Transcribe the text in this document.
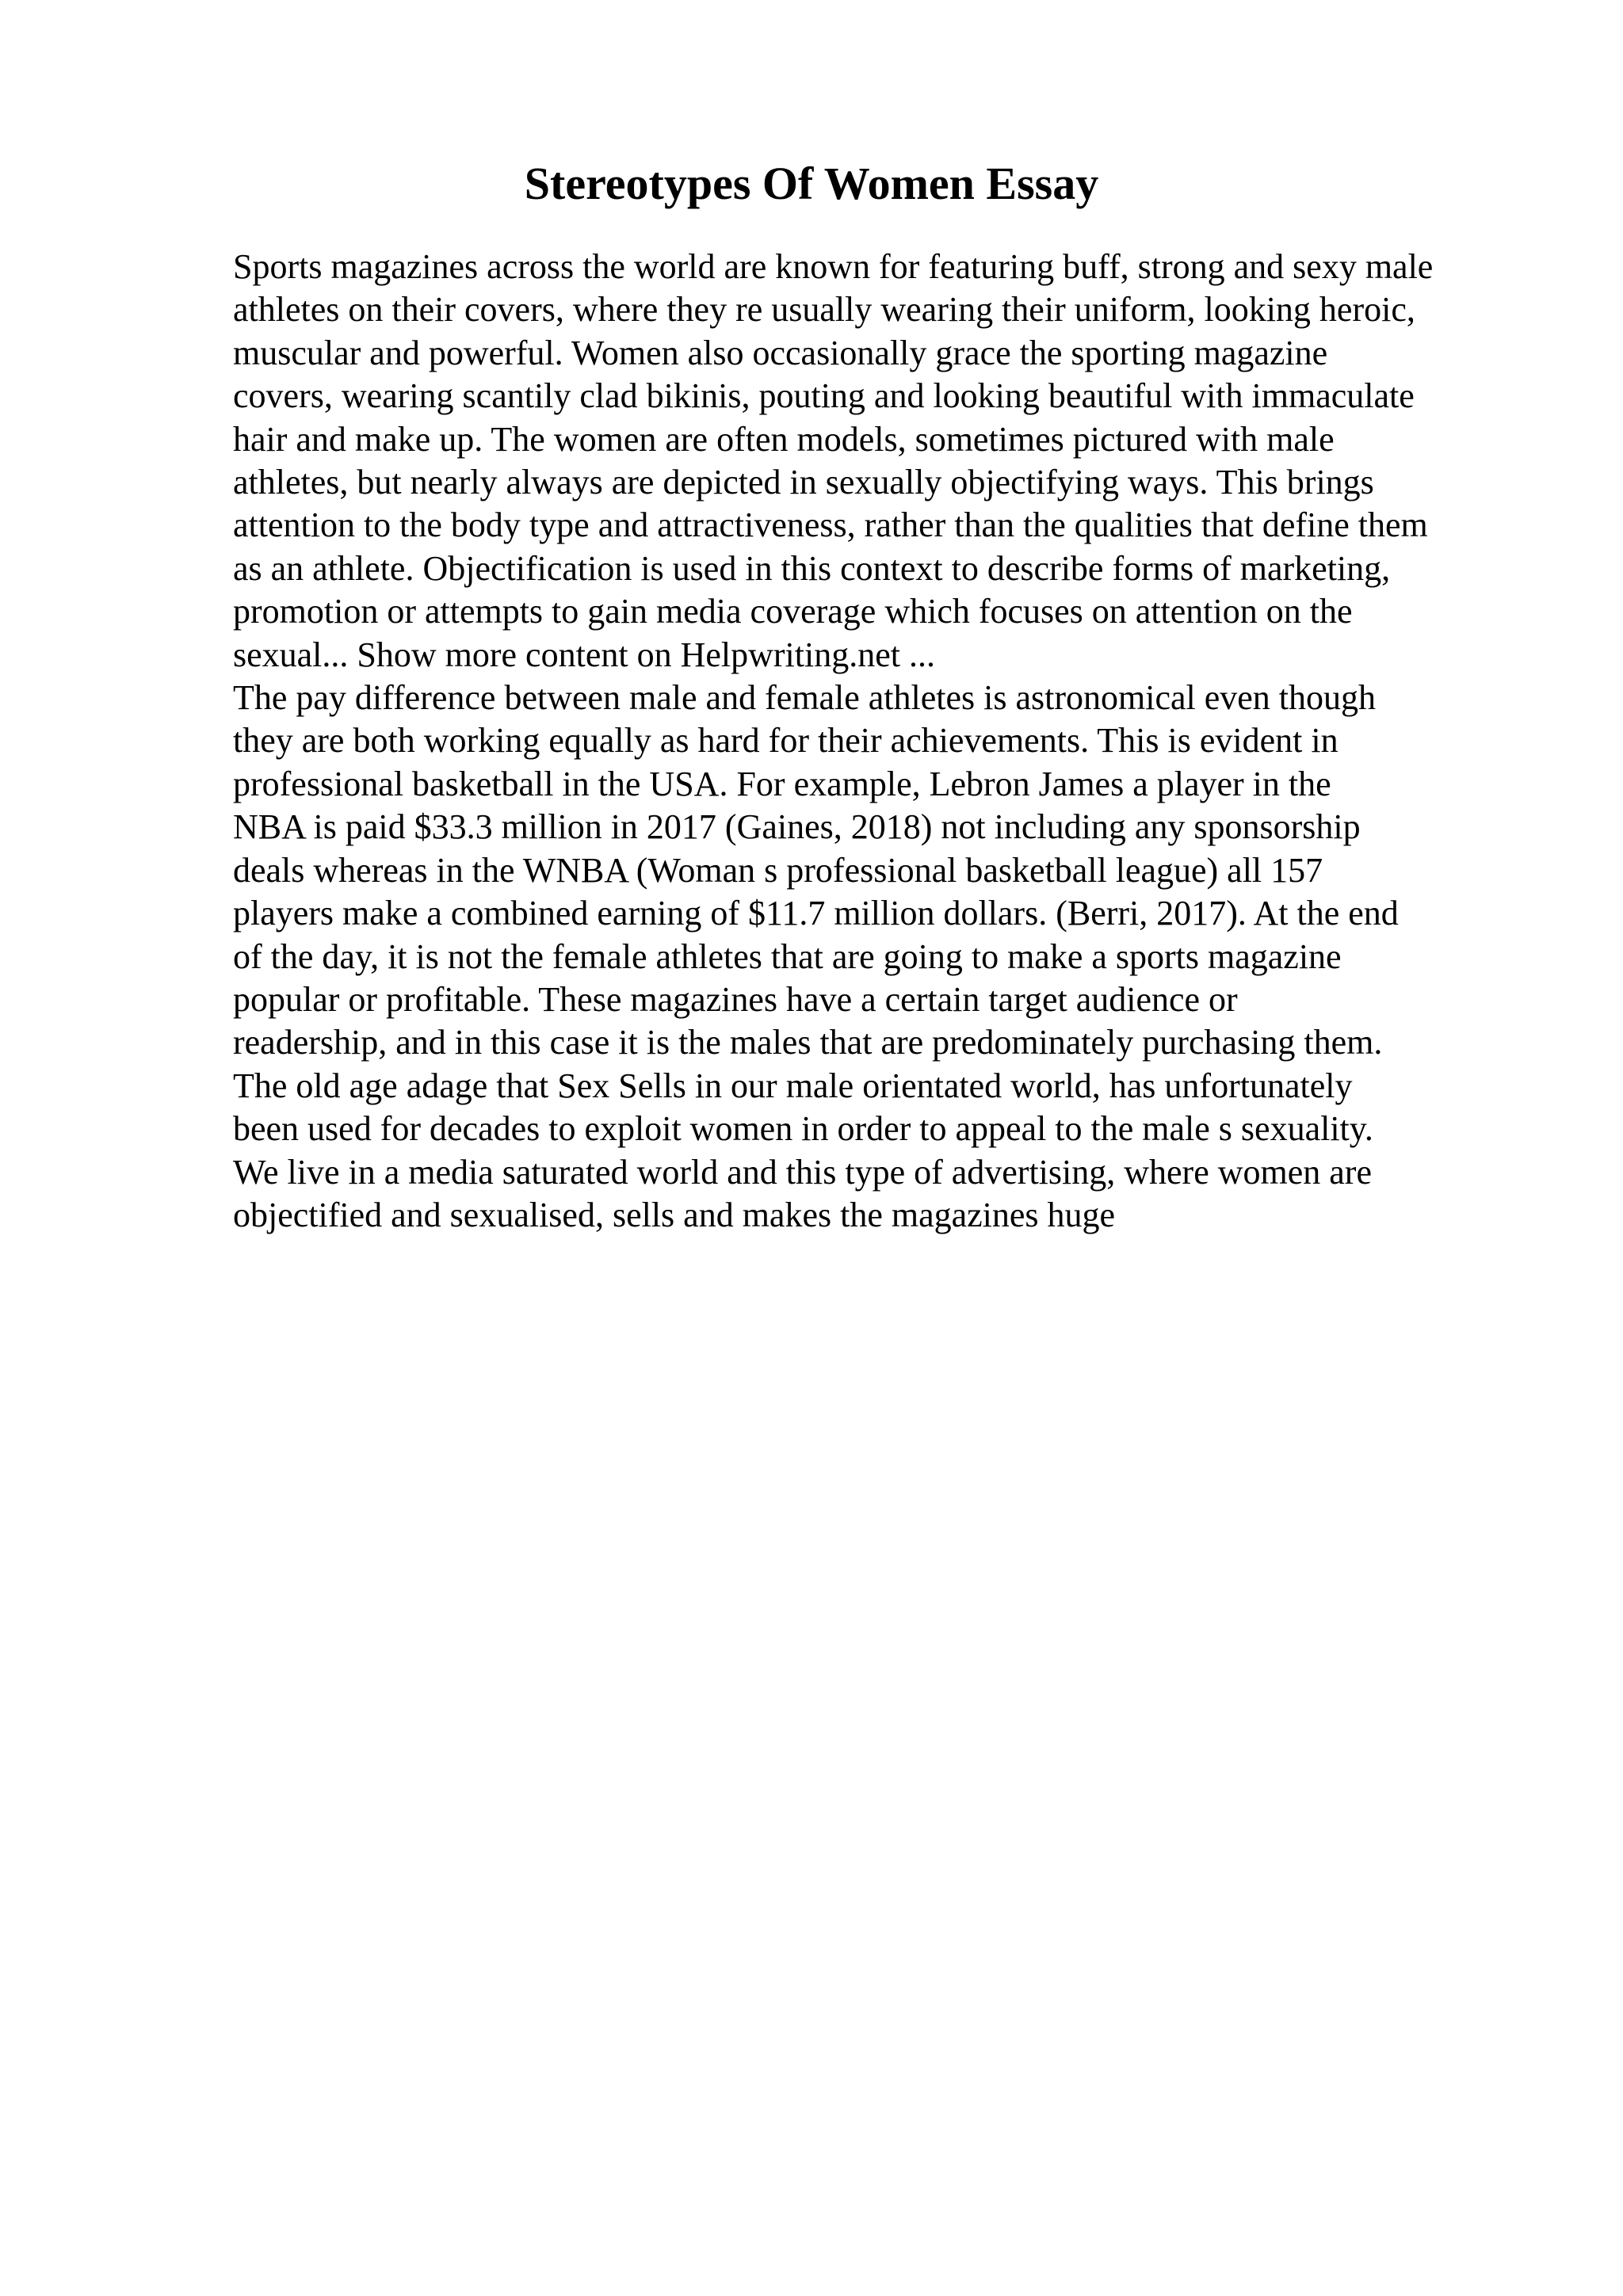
Stereotypes Of Women Essay

Sports magazines across the world are known for featuring buff, strong and sexy male

athletes on their covers, where they re usually wearing their uniform, looking heroic,

muscular and powerful. Women also occasionally grace the sporting magazine

covers, wearing scantily clad bikinis, pouting and looking beautiful with immaculate

hair and make up. The women are often models, sometimes pictured with male

athletes, but nearly always are depicted in sexually objectifying ways. This brings

attention to the body type and attractiveness, rather than the qualities that define them

as an athlete. Objectification is used in this context to describe forms of marketing,

promotion or attempts to gain media coverage which focuses on attention on the

sexual... Show more content on Helpwriting.net ...

The pay difference between male and female athletes is astronomical even though

they are both working equally as hard for their achievements. This is evident in

professional basketball in the USA. For example, Lebron James a player in the

NBA is paid $33.3 million in 2017 (Gaines, 2018) not including any sponsorship

deals whereas in the WNBA (Woman s professional basketball league) all 157

players make a combined earning of $11.7 million dollars. (Berri, 2017). At the end

of the day, it is not the female athletes that are going to make a sports magazine

popular or profitable. These magazines have a certain target audience or

readership, and in this case it is the males that are predominately purchasing them.

The old age adage that Sex Sells in our male orientated world, has unfortunately

been used for decades to exploit women in order to appeal to the male s sexuality.

We live in a media saturated world and this type of advertising, where women are

objectified and sexualised, sells and makes the magazines huge
